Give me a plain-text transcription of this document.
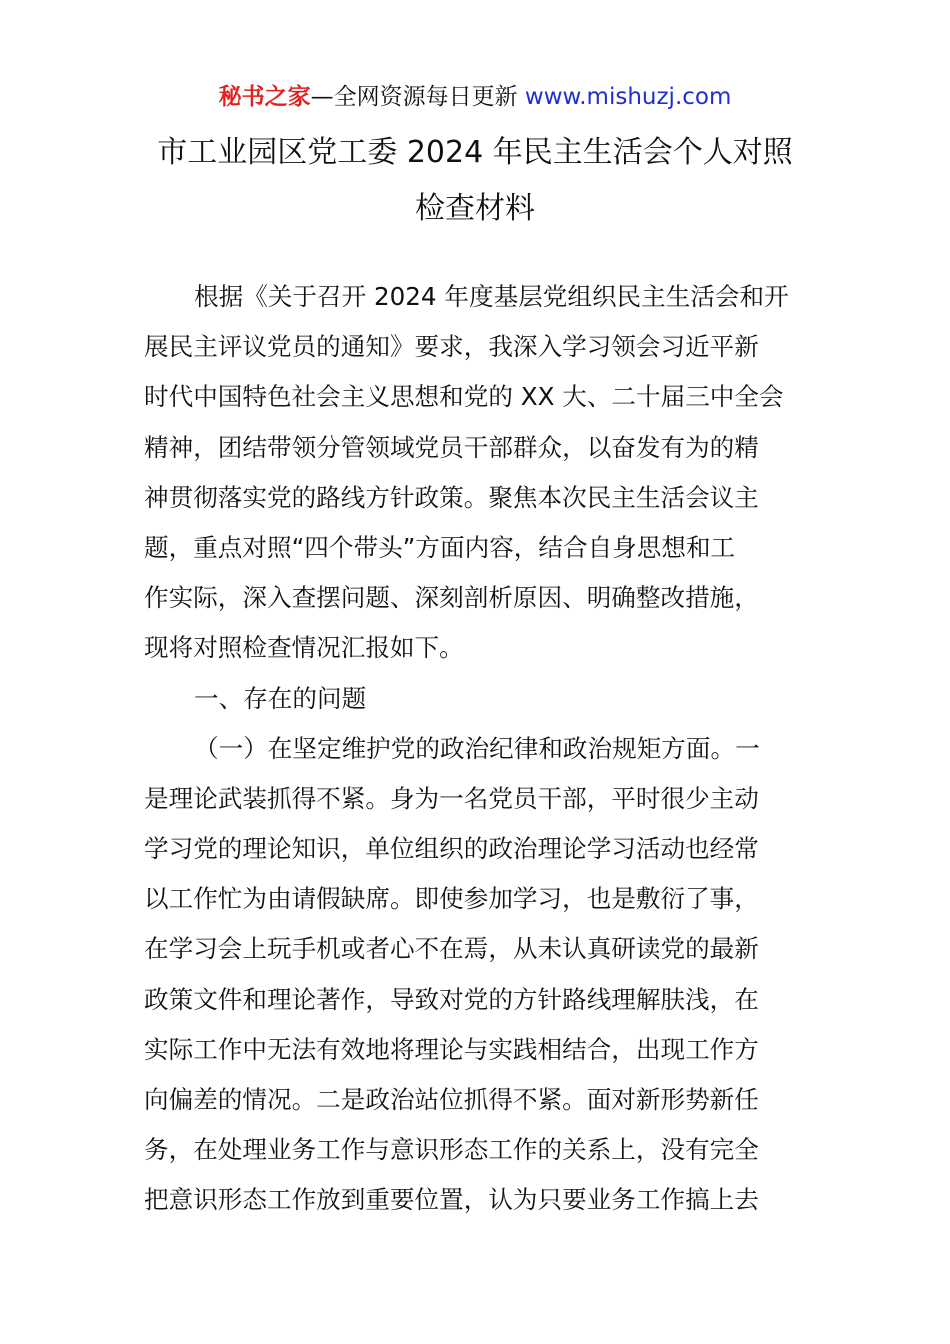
秘书之家—全网资源每日更新 www.mishuzj.com
市工业园区党工委 2024 年民主生活会个人对照
检查材料
根据《关于召开 2024 年度基层党组织民主生活会和开
展民主评议党员的通知》要求，我深入学习领会习近平新
时代中国特色社会主义思想和党的 XX 大、二十届三中全会
精神，团结带领分管领域党员干部群众，以奋发有为的精
神贯彻落实党的路线方针政策。聚焦本次民主生活会议主
题，重点对照“四个带头”方面内容，结合自身思想和工
作实际，深入查摆问题、深刻剖析原因、明确整改措施，
现将对照检查情况汇报如下。
一、存在的问题
（一）在坚定维护党的政治纪律和政治规矩方面。一
是理论武装抓得不紧。身为一名党员干部，平时很少主动
学习党的理论知识，单位组织的政治理论学习活动也经常
以工作忙为由请假缺席。即使参加学习，也是敷衍了事，
在学习会上玩手机或者心不在焉，从未认真研读党的最新
政策文件和理论著作，导致对党的方针路线理解肤浅，在
实际工作中无法有效地将理论与实践相结合，出现工作方
向偏差的情况。二是政治站位抓得不紧。面对新形势新任
务，在处理业务工作与意识形态工作的关系上，没有完全
把意识形态工作放到重要位置，认为只要业务工作搞上去
